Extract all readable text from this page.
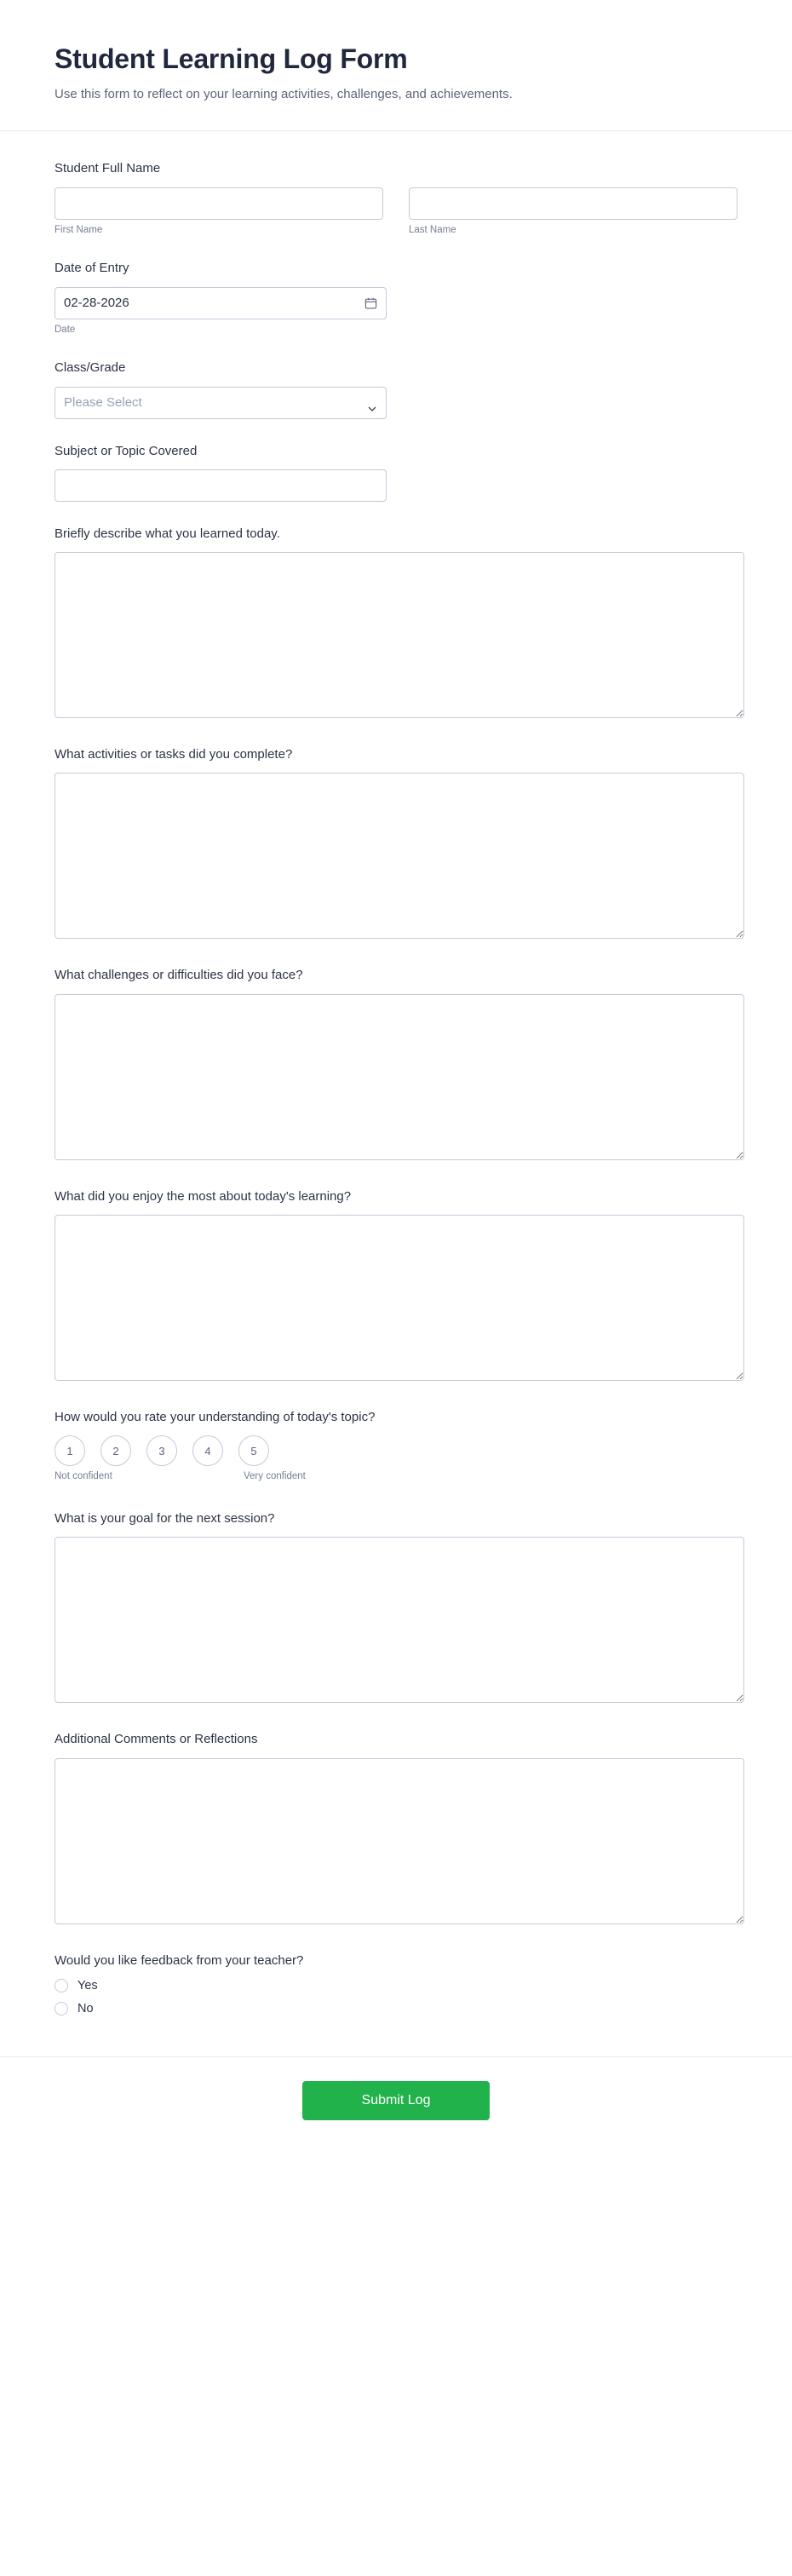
Student Learning Log Form

Use this form to reflect on your learning activities, challenges, and achievements.

Student Full Name
First Name	Last Name
Date of Entry
02-28-2026
Date
Class/Grade
Please Select
Subject or Topic Covered
Briefly describe what you learned today.
What activities or tasks did you complete?
What challenges or difficulties did you face?
What did you enjoy the most about today's learning?
How would you rate your understanding of today's topic?
1	2	3	4	5
Not confident	Very confident
What is your goal for the next session?
Additional Comments or Reflections
Would you like feedback from your teacher?
Yes
No
Submit Log
